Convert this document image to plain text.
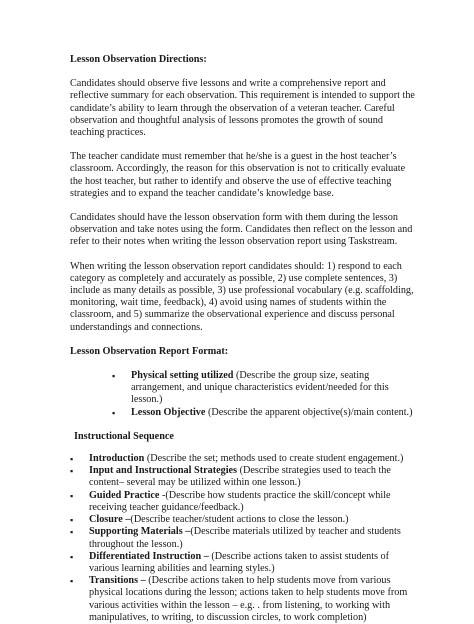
Lesson Observation Directions:

Candidates should observe five lessons and write a comprehensive report and reflective summary for each observation. This requirement is intended to support the candidate’s ability to learn through the observation of a veteran teacher. Careful observation and thoughtful analysis of lessons promotes the growth of sound teaching practices.

The teacher candidate must remember that he/she is a guest in the host teacher’s classroom. Accordingly, the reason for this observation is not to critically evaluate the host teacher, but rather to identify and observe the use of effective teaching strategies and to expand the teacher candidate’s knowledge base.

Candidates should have the lesson observation form with them during the lesson observation and take notes using the form. Candidates then reflect on the lesson and refer to their notes when writing the lesson observation report using Taskstream.

When writing the lesson observation report candidates should: 1) respond to each category as completely and accurately as possible, 2) use complete sentences, 3) include as many details as possible, 3) use professional vocabulary (e.g. scaffolding, monitoring, wait time, feedback), 4) avoid using names of students within the classroom, and 5) summarize the observational experience and discuss personal understandings and connections.

Lesson Observation Report Format:
▪ Physical setting utilized (Describe the group size, seating arrangement, and unique characteristics evident/needed for this lesson.)
▪ Lesson Objective (Describe the apparent objective(s)/main content.)
Instructional Sequence
▪ Introduction (Describe the set; methods used to create student engagement.)
▪ Input and Instructional Strategies (Describe strategies used to teach the content– several may be utilized within one lesson.)
▪ Guided Practice -(Describe how students practice the skill/concept while receiving teacher guidance/feedback.)
▪ Closure –(Describe teacher/student actions to close the lesson.)
▪ Supporting Materials –(Describe materials utilized by teacher and students throughout the lesson.)
▪ Differentiated Instruction – (Describe actions taken to assist students of various learning abilities and learning styles.)
▪ Transitions – (Describe actions taken to help students move from various physical locations during the lesson; actions taken to help students move from various activities within the lesson – e.g. . from listening, to working with manipulatives, to writing, to discussion circles, to work completion)
